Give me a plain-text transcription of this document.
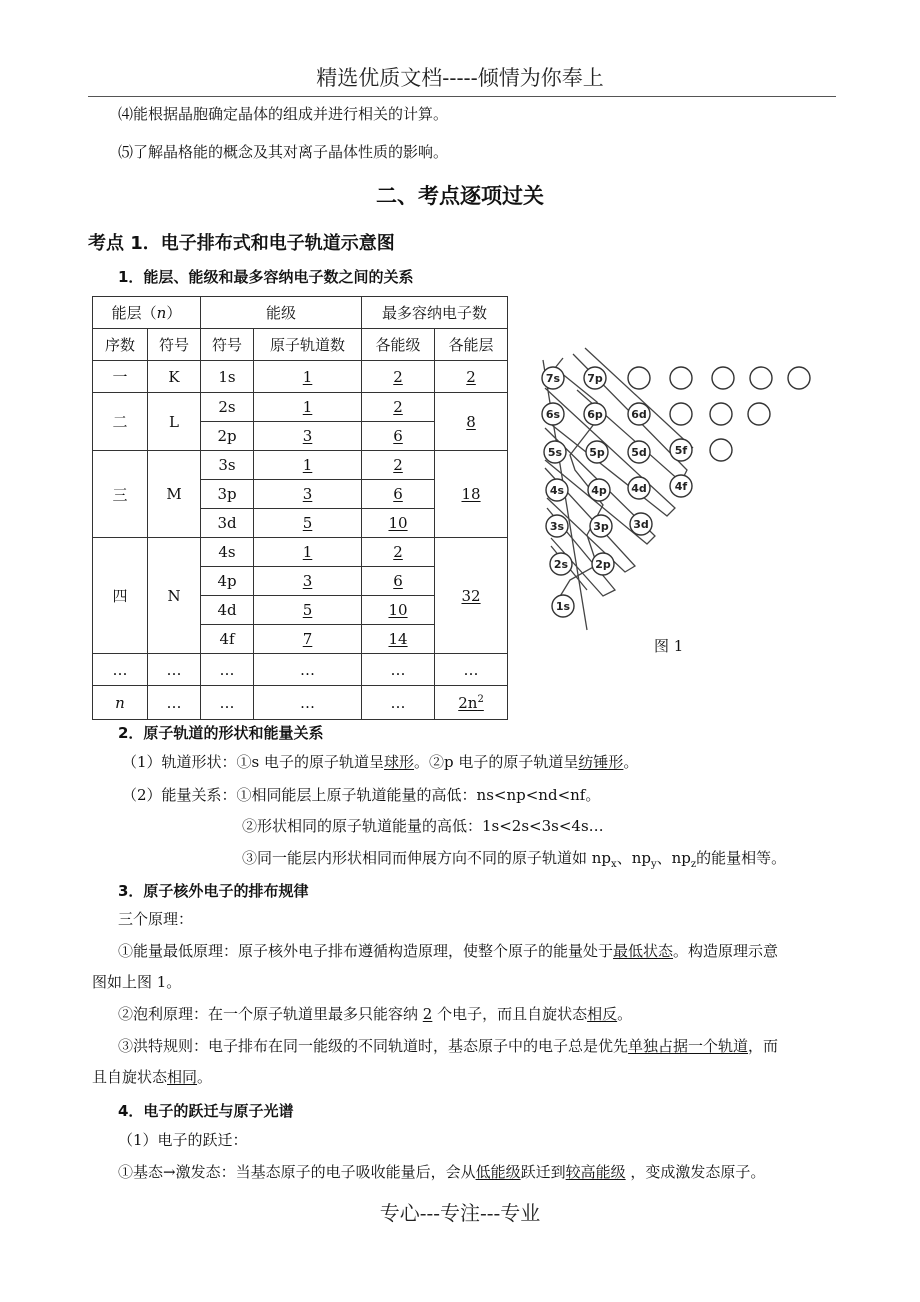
精选优质文档-----倾情为你奉上
⑷能根据晶胞确定晶体的组成并进行相关的计算。
⑸了解晶格能的概念及其对离子晶体性质的影响。
二、考点逐项过关
考点 1．电子排布式和电子轨道示意图
1．能层、能级和最多容纳电子数之间的关系
能层（n）		能级		最多容纳电子数	
序数	符号	符号	原子轨道数	各能级	各能层
一	K	1s	1	2	2
二	L	2s	1	2	8
		2p	3	6	
三	M	3s	1	2	18
		3p	3	6	
		3d	5	10	
四	N	4s	1	2	32
		4p	3	6	
		4d	5	10	
		4f	7	14	
…	…	…	…	…	…
n	…	…	…	…	$2n^2$
7s 7p
6s 6p	6d
5s 5p 5d	5f
4s 4p 4d	4f
3s	3p 3d
2s 2p
1s
图 1
2．原子轨道的形状和能量关系
（1）轨道形状：①s 电子的原子轨道呈球形。②p 电子的原子轨道呈纺锤形。
（2）能量关系：①相同能层上原子轨道能量的高低：ns<np<nd<nf。
②形状相同的原子轨道能量的高低：1s<2s<3s<4s…
③同一能层内形状相同而伸展方向不同的原子轨道如 $np_x$、$np_y$、$np_z$的能量相等。
3．原子核外电子的排布规律
三个原理：
①能量最低原理：原子核外电子排布遵循构造原理，使整个原子的能量处于最低状态。构造原理示意
图如上图 1。
②泡利原理：在一个原子轨道里最多只能容纳 2 个电子，而且自旋状态相反。
③洪特规则：电子排布在同一能级的不同轨道时，基态原子中的电子总是优先单独占据一个轨道，而
且自旋状态相同。
4．电子的跃迁与原子光谱
（1）电子的跃迁：
①基态→激发态：当基态原子的电子吸收能量后，会从低能级跃迁到较高能级 ，变成激发态原子。
专心---专注---专业
